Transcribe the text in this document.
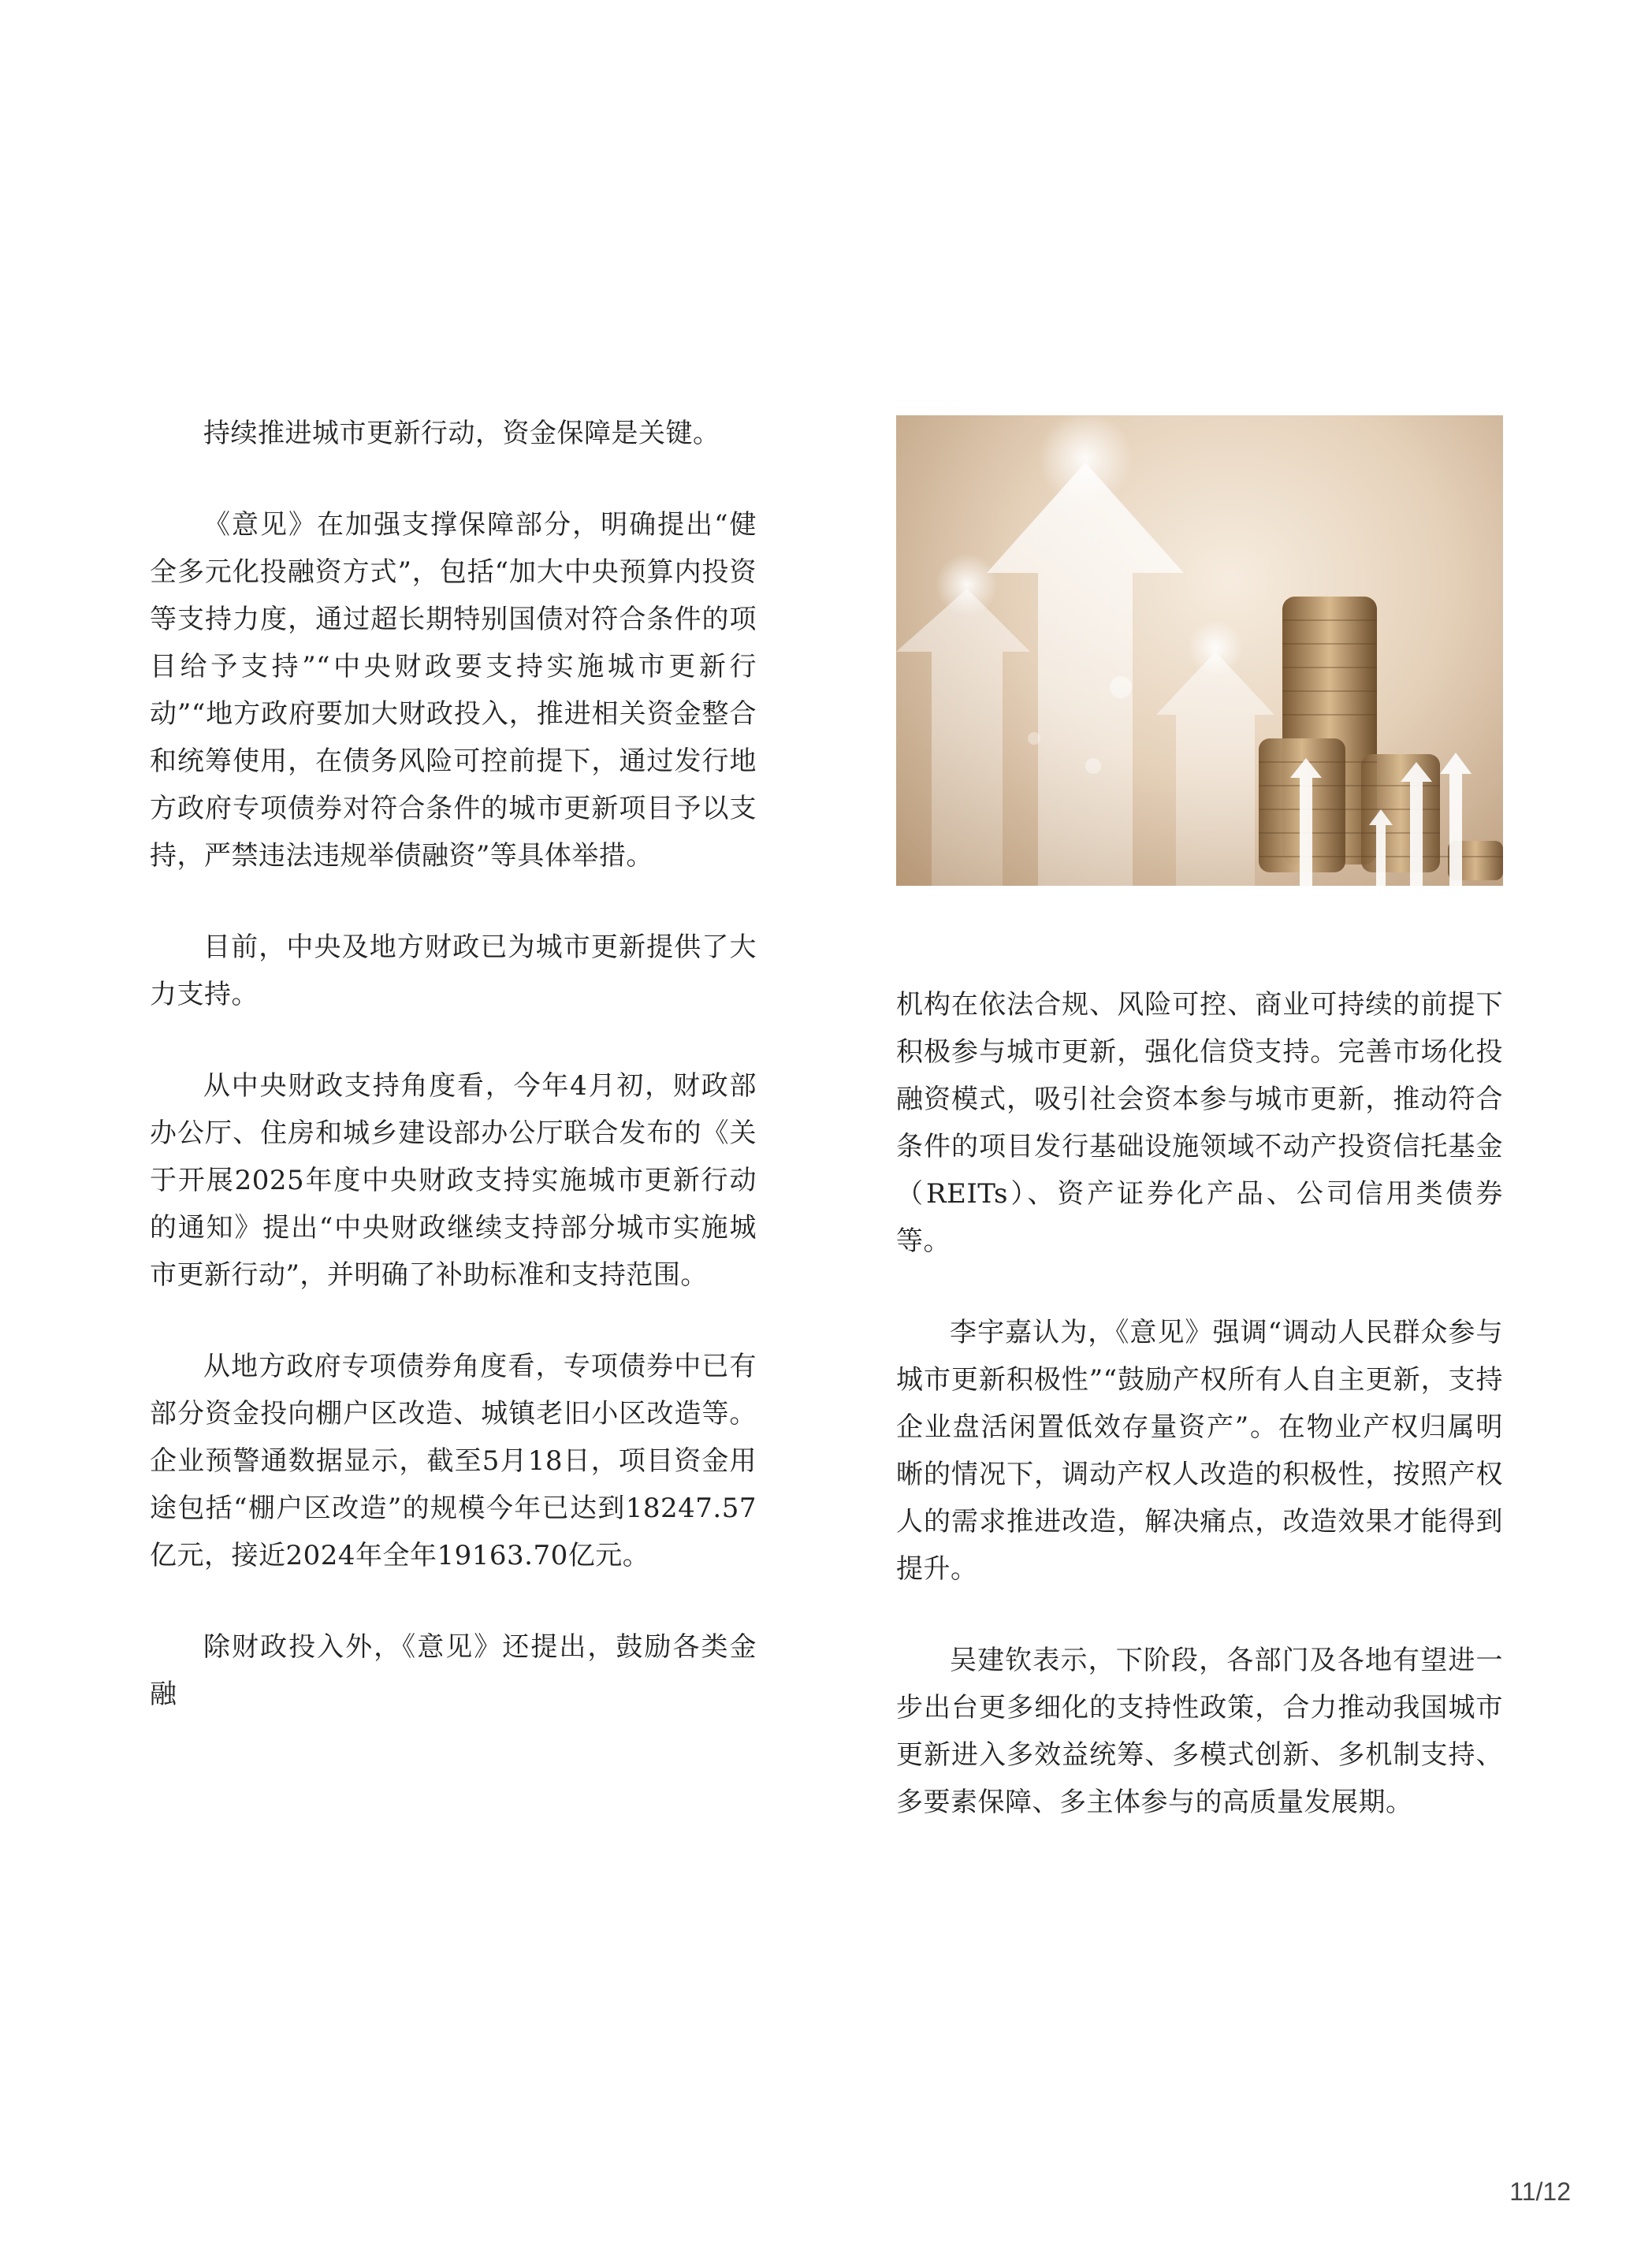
持续推进城市更新行动，资金保障是关键。

《意见》在加强支撑保障部分，明确提出“健全多元化投融资方式”，包括“加大中央预算内投资等支持力度，通过超长期特别国债对符合条件的项目给予支持”“中央财政要支持实施城市更新行动”“地方政府要加大财政投入，推进相关资金整合和统筹使用，在债务风险可控前提下，通过发行地方政府专项债券对符合条件的城市更新项目予以支持，严禁违法违规举债融资”等具体举措。

目前，中央及地方财政已为城市更新提供了大力支持。

从中央财政支持角度看，今年4月初，财政部办公厅、住房和城乡建设部办公厅联合发布的《关于开展2025年度中央财政支持实施城市更新行动的通知》提出“中央财政继续支持部分城市实施城市更新行动”，并明确了补助标准和支持范围。

从地方政府专项债券角度看，专项债券中已有部分资金投向棚户区改造、城镇老旧小区改造等。企业预警通数据显示，截至5月18日，项目资金用途包括“棚户区改造”的规模今年已达到18247.57亿元，接近2024年全年19163.70亿元。

除财政投入外，《意见》还提出，鼓励各类金融

机构在依法合规、风险可控、商业可持续的前提下积极参与城市更新，强化信贷支持。完善市场化投融资模式，吸引社会资本参与城市更新，推动符合条件的项目发行基础设施领域不动产投资信托基金（REITs）、资产证券化产品、公司信用类债券等。

李宇嘉认为，《意见》强调“调动人民群众参与城市更新积极性”“鼓励产权所有人自主更新，支持企业盘活闲置低效存量资产”。在物业产权归属明晰的情况下，调动产权人改造的积极性，按照产权人的需求推进改造，解决痛点，改造效果才能得到提升。

吴建钦表示，下阶段，各部门及各地有望进一步出台更多细化的支持性政策，合力推动我国城市更新进入多效益统筹、多模式创新、多机制支持、多要素保障、多主体参与的高质量发展期。

11/12
